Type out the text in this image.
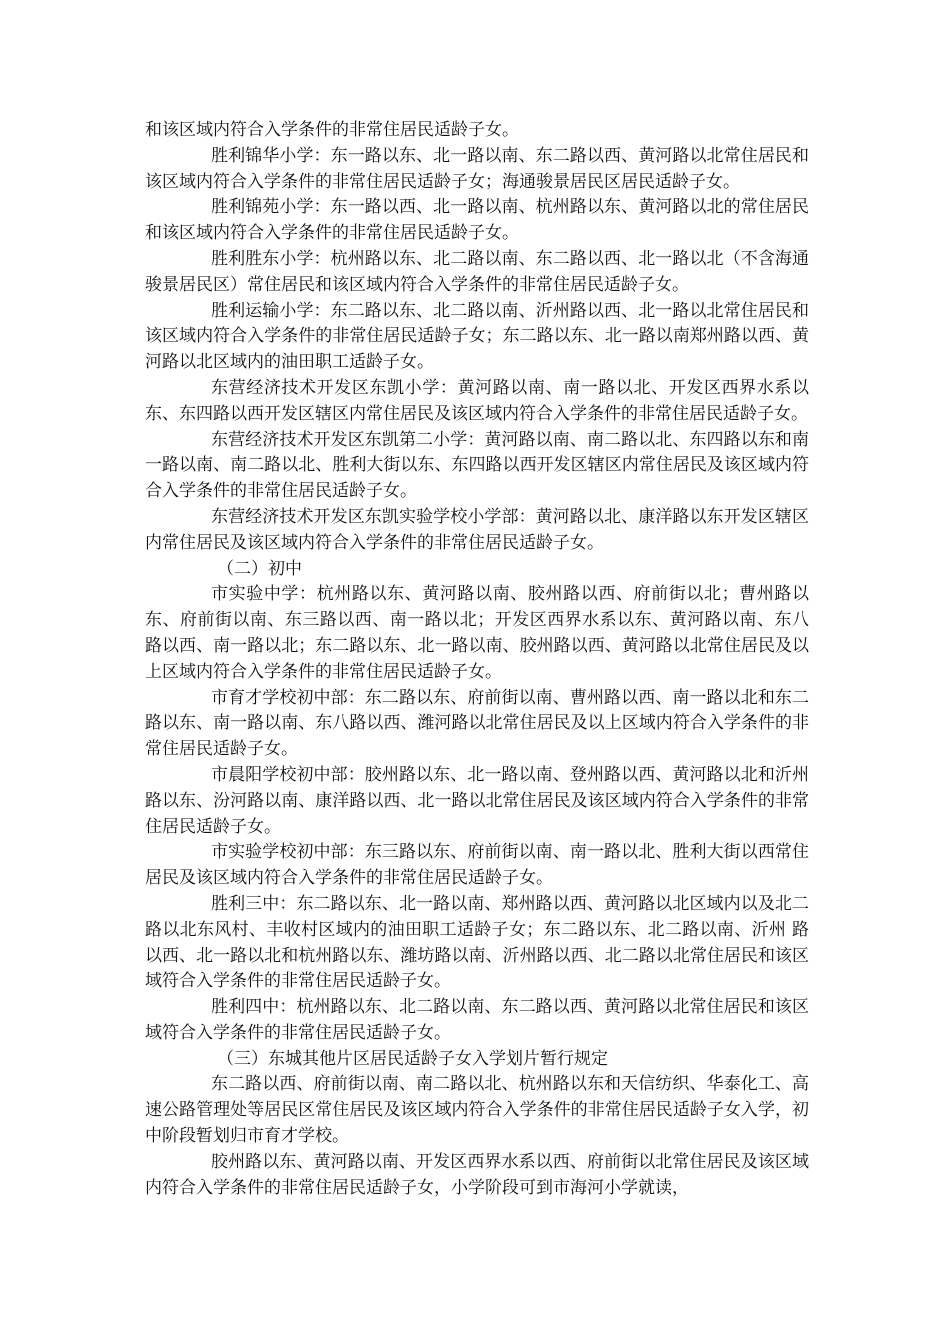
和该区域内符合入学条件的非常住居民适龄子女。

胜利锦华小学：东一路以东、北一路以南、东二路以西、黄河路以北常住居民和该区域内符合入学条件的非常住居民适龄子女；海通骏景居民区居民适龄子女。

胜利锦苑小学：东一路以西、北一路以南、杭州路以东、黄河路以北的常住居民和该区域内符合入学条件的非常住居民适龄子女。

胜利胜东小学：杭州路以东、北二路以南、东二路以西、北一路以北（不含海通骏景居民区）常住居民和该区域内符合入学条件的非常住居民适龄子女。

胜利运输小学：东二路以东、北二路以南、沂州路以西、北一路以北常住居民和该区域内符合入学条件的非常住居民适龄子女；东二路以东、北一路以南郑州路以西、黄河路以北区域内的油田职工适龄子女。

东营经济技术开发区东凯小学：黄河路以南、南一路以北、开发区西界水系以东、东四路以西开发区辖区内常住居民及该区域内符合入学条件的非常住居民适龄子女。

东营经济技术开发区东凯第二小学：黄河路以南、南二路以北、东四路以东和南一路以南、南二路以北、胜利大街以东、东四路以西开发区辖区内常住居民及该区域内符合入学条件的非常住居民适龄子女。

东营经济技术开发区东凯实验学校小学部：黄河路以北、康洋路以东开发区辖区内常住居民及该区域内符合入学条件的非常住居民适龄子女。

（二）初中

市实验中学：杭州路以东、黄河路以南、胶州路以西、府前街以北；曹州路以东、府前街以南、东三路以西、南一路以北；开发区西界水系以东、黄河路以南、东八 路以西、南一路以北；东二路以东、北一路以南、胶州路以西、黄河路以北常住居民及以上区域内符合入学条件的非常住居民适龄子女。

市育才学校初中部：东二路以东、府前街以南、曹州路以西、南一路以北和东二路以东、南一路以南、东八路以西、潍河路以北常住居民及以上区域内符合入学条件的非常住居民适龄子女。

市晨阳学校初中部：胶州路以东、北一路以南、登州路以西、黄河路以北和沂州路以东、汾河路以南、康洋路以西、北一路以北常住居民及该区域内符合入学条件的非常住居民适龄子女。

市实验学校初中部：东三路以东、府前街以南、南一路以北、胜利大街以西常住居民及该区域内符合入学条件的非常住居民适龄子女。

胜利三中：东二路以东、北一路以南、郑州路以西、黄河路以北区域内以及北二路以北东风村、丰收村区域内的油田职工适龄子女；东二路以东、北二路以南、沂州 路以西、北一路以北和杭州路以东、潍坊路以南、沂州路以西、北二路以北常住居民和该区域符合入学条件的非常住居民适龄子女。

胜利四中：杭州路以东、北二路以南、东二路以西、黄河路以北常住居民和该区域符合入学条件的非常住居民适龄子女。

（三）东城其他片区居民适龄子女入学划片暂行规定

东二路以西、府前街以南、南二路以北、杭州路以东和天信纺织、华泰化工、高速公路管理处等居民区常住居民及该区域内符合入学条件的非常住居民适龄子女入学，初中阶段暂划归市育才学校。

胶州路以东、黄河路以南、开发区西界水系以西、府前街以北常住居民及该区域内符合入学条件的非常住居民适龄子女，小学阶段可到市海河小学就读，
